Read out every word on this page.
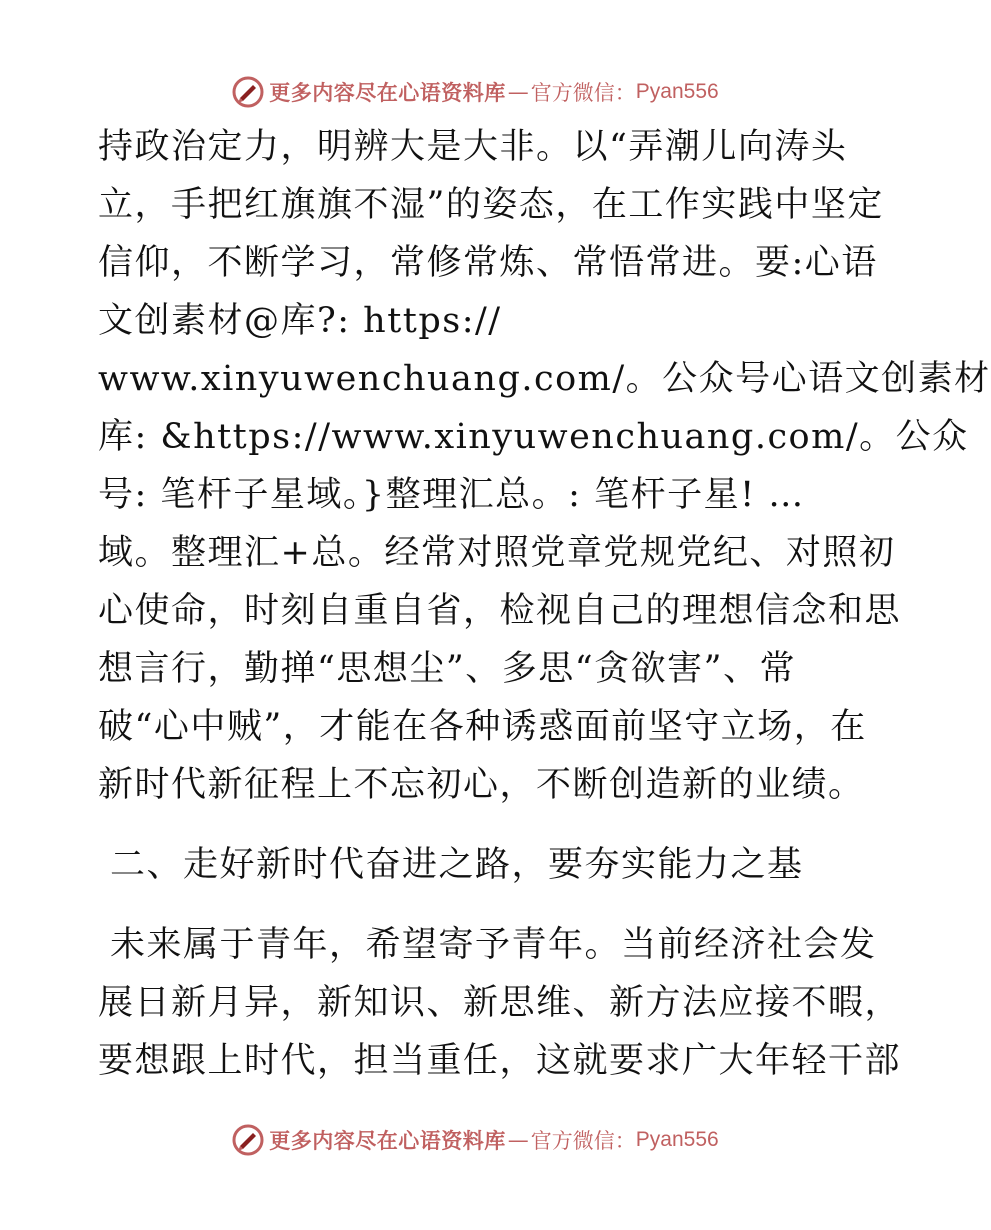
更多内容尽在心语资料库 — 官方微信： Pyan556
持政治定力，明辨大是大非。以“弄潮儿向涛头
立，手把红旗旗不湿”的姿态，在工作实践中坚定
信仰，不断学习，常修常炼、常悟常进。要:心语
文创素材@库?: https://
www.xinyuwenchuang.com/。公众号心语文创素材
库: &https://www.xinyuwenchuang.com/。公众
号: 笔杆子星域。}整理汇总。: 笔杆子星! …
域。整理汇+总。经常对照党章党规党纪、对照初
心使命，时刻自重自省，检视自己的理想信念和思
想言行，勤掸“思想尘”、多思“贪欲害”、常
破“心中贼”，才能在各种诱惑面前坚守立场，在
新时代新征程上不忘初心，不断创造新的业绩。
二、走好新时代奋进之路，要夯实能力之基
未来属于青年，希望寄予青年。当前经济社会发
展日新月异，新知识、新思维、新方法应接不暇，
要想跟上时代，担当重任，这就要求广大年轻干部
更多内容尽在心语资料库 — 官方微信： Pyan556
